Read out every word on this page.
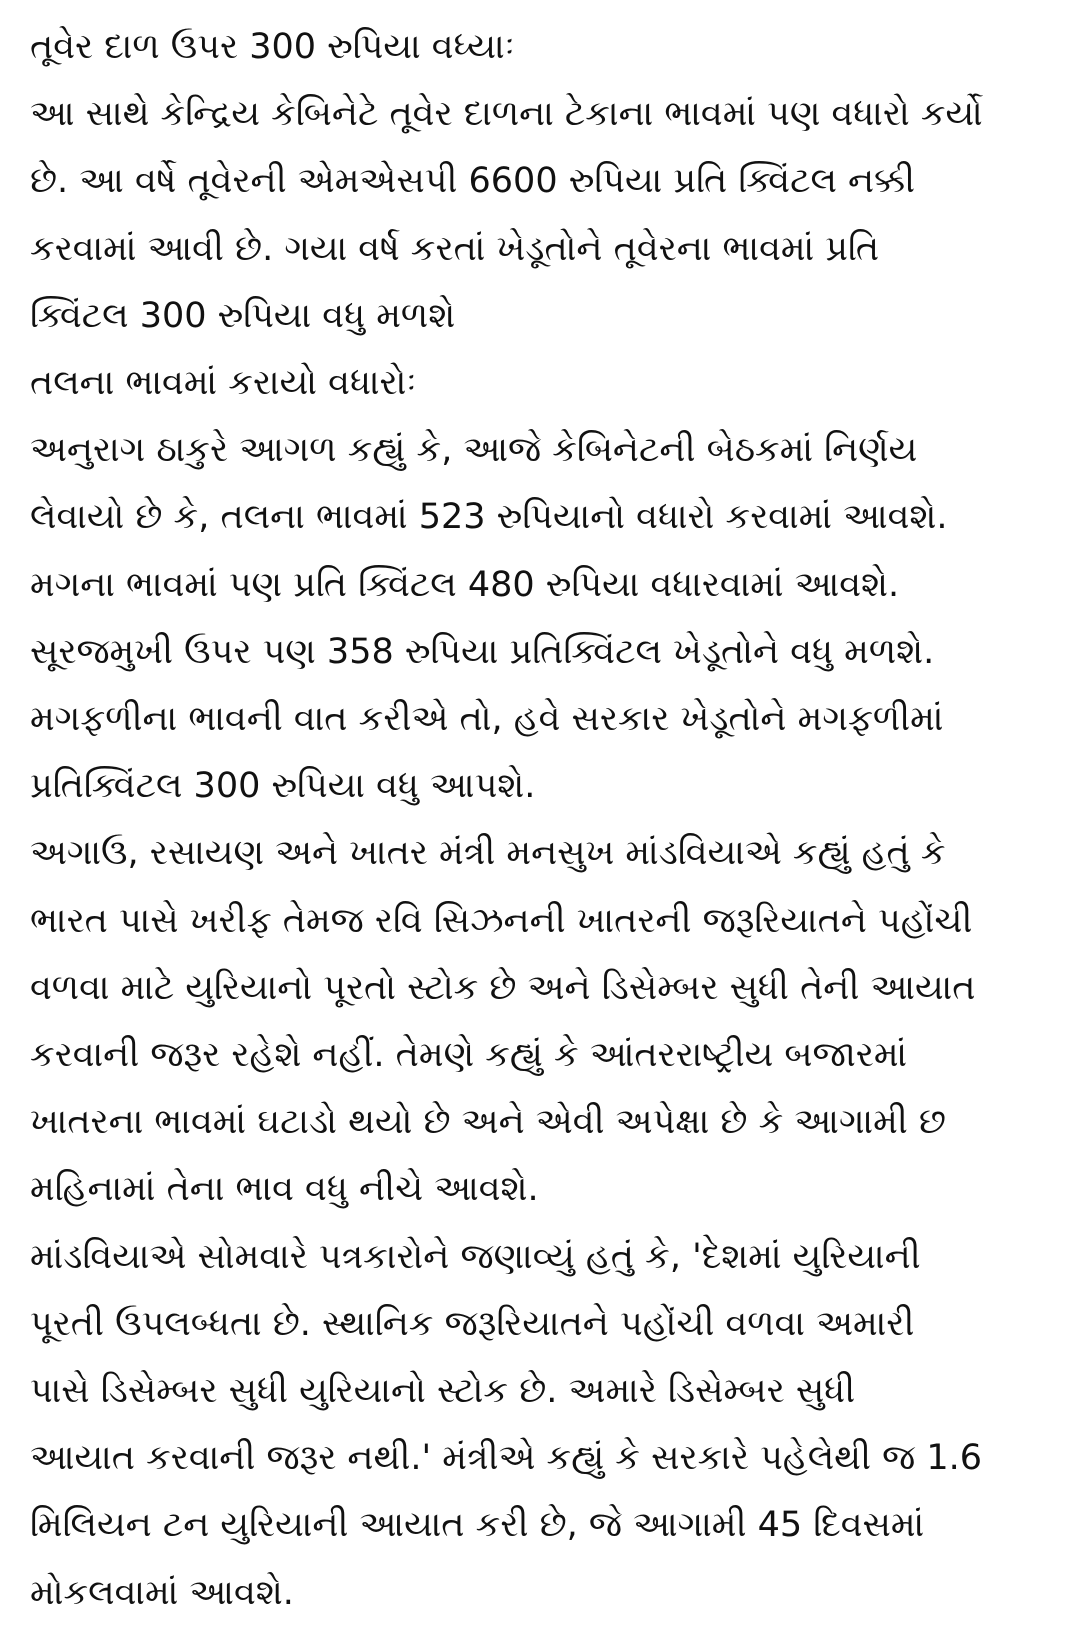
તૂવેર દાળ ઉપર 300 રુપિયા વધ્યાઃ
આ સાથે કેન્દ્રિય કેબિનેટે તૂવેર દાળના ટેકાના ભાવમાં પણ વધારો કર્યો
છે. આ વર્ષે તૂવેરની એમએસપી 6600 રુપિયા પ્રતિ ક્વિંટલ નક્કી
કરવામાં આવી છે. ગયા વર્ષ કરતાં ખેડૂતોને તૂવેરના ભાવમાં પ્રતિ
ક્વિંટલ 300 રુપિયા વધુ મળશે
તલના ભાવમાં કરાયો વધારોઃ
અનુરાગ ઠાકુરે આગળ કહ્યું કે, આજે કેબિનેટની બેઠકમાં નિર્ણય
લેવાયો છે કે, તલના ભાવમાં 523 રુપિયાનો વધારો કરવામાં આવશે.
મગના ભાવમાં પણ પ્રતિ ક્વિંટલ 480 રુપિયા વધારવામાં આવશે.
સૂરજમુખી ઉપર પણ 358 રુપિયા પ્રતિક્વિંટલ ખેડૂતોને વધુ મળશે.
મગફળીના ભાવની વાત કરીએ તો, હવે સરકાર ખેડૂતોને મગફળીમાં
પ્રતિક્વિંટલ 300 રુપિયા વધુ આપશે.
અગાઉ, રસાયણ અને ખાતર મંત્રી મનસુખ માંડવિયાએ કહ્યું હતું કે
ભારત પાસે ખરીફ તેમજ રવિ સિઝનની ખાતરની જરૂરિયાતને પહોંચી
વળવા માટે યુરિયાનો પૂરતો સ્ટોક છે અને ડિસેમ્બર સુધી તેની આયાત
કરવાની જરૂર રહેશે નહીં. તેમણે કહ્યું કે આંતરરાષ્ટ્રીય બજારમાં
ખાતરના ભાવમાં ઘટાડો થયો છે અને એવી અપેક્ષા છે કે આગામી છ
મહિનામાં તેના ભાવ વધુ નીચે આવશે.
માંડવિયાએ સોમવારે પત્રકારોને જણાવ્યું હતું કે, 'દેશમાં યુરિયાની
પૂરતી ઉપલબ્ધતા છે. સ્થાનિક જરૂરિયાતને પહોંચી વળવા અમારી
પાસે ડિસેમ્બર સુધી યુરિયાનો સ્ટોક છે. અમારે ડિસેમ્બર સુધી
આયાત કરવાની જરૂર નથી.' મંત્રીએ કહ્યું કે સરકારે પહેલેથી જ 1.6
મિલિયન ટન યુરિયાની આયાત કરી છે, જે આગામી 45 દિવસમાં
મોકલવામાં આવશે.
